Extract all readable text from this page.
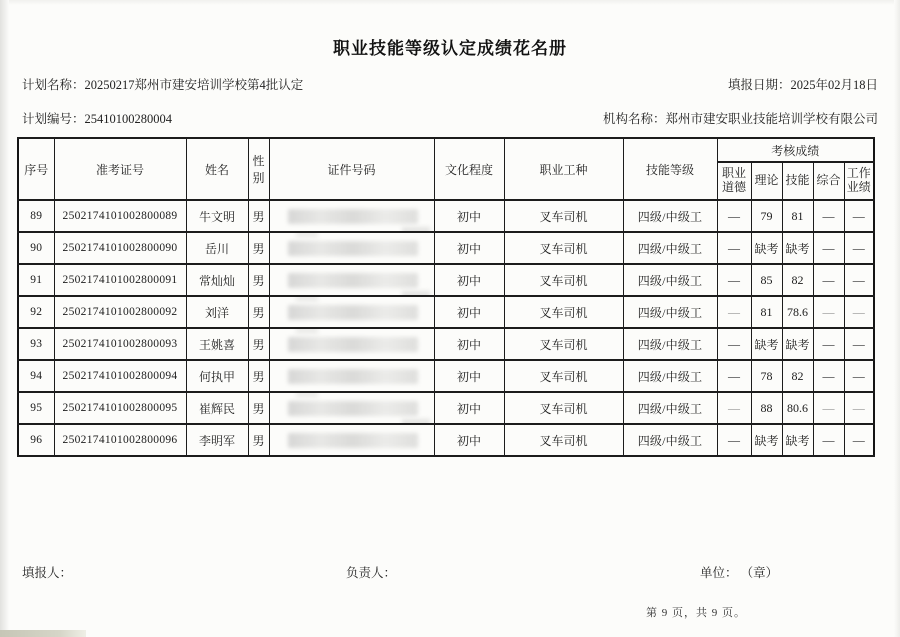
职业技能等级认定成绩花名册
计划名称：20250217郑州市建安培训学校第4批认定	填报日期：2025年02月18日
计划编号：25410100280004	机构名称：郑州市建安职业技能培训学校有限公司
序号	准考证号	姓名	性别	证件号码	文化程度	职业工种	技能等级	考核成绩				
								职业道德	理论	技能	综合	工作业绩
89	2502174101002800089	牛文明	男		初中	叉车司机	四级/中级工	—	79	81	—	—
90	2502174101002800090	岳川	男		初中	叉车司机	四级/中级工	—	缺考	缺考	—	—
91	2502174101002800091	常灿灿	男		初中	叉车司机	四级/中级工	—	85	82	—	—
92	2502174101002800092	刘洋	男		初中	叉车司机	四级/中级工	—	81	78.6	—	—
93	2502174101002800093	王姚喜	男		初中	叉车司机	四级/中级工	—	缺考	缺考	—	—
94	2502174101002800094	何执甲	男		初中	叉车司机	四级/中级工	—	78	82	—	—
95	2502174101002800095	崔辉民	男		初中	叉车司机	四级/中级工	—	88	80.6	—	—
96	2502174101002800096	李明军	男		初中	叉车司机	四级/中级工	—	缺考	缺考	—	—
填报人：	负责人：	单位： （章）
第 9 页，共 9 页。
